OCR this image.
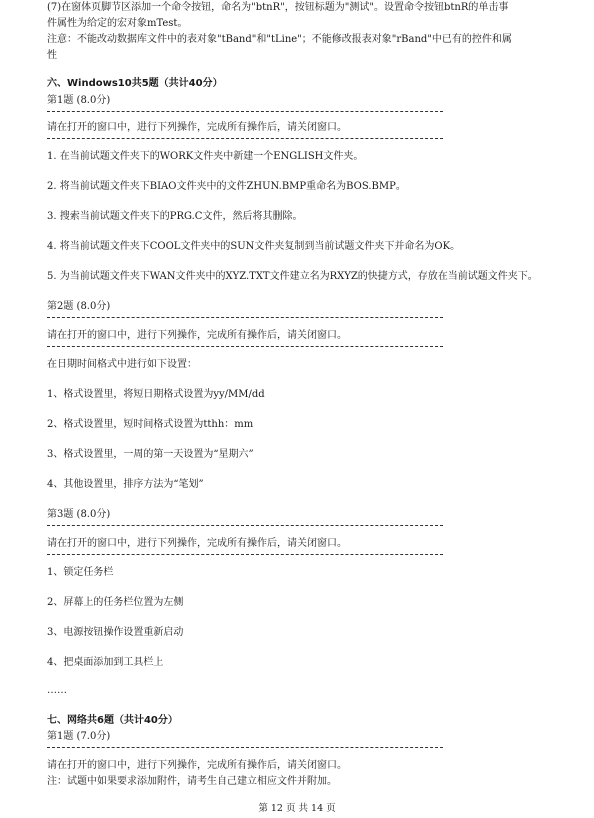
(7)在窗体页脚节区添加一个命令按钮，命名为"btnR"，按钮标题为"测试"。设置命令按钮btnR的单击事
件属性为给定的宏对象mTest。
注意：不能改动数据库文件中的表对象"tBand"和"tLine"；不能修改报表对象"rBand"中已有的控件和属
性
六、Windows10共5题（共计40分）
第1题 (8.0分)
请在打开的窗口中，进行下列操作，完成所有操作后，请关闭窗口。
1. 在当前试题文件夹下的WORK文件夹中新建一个ENGLISH文件夹。
2. 将当前试题文件夹下BIAO文件夹中的文件ZHUN.BMP重命名为BOS.BMP。
3. 搜索当前试题文件夹下的PRG.C文件，然后将其删除。
4. 将当前试题文件夹下COOL文件夹中的SUN文件夹复制到当前试题文件夹下并命名为OK。
5. 为当前试题文件夹下WAN文件夹中的XYZ.TXT文件建立名为RXYZ的快捷方式，存放在当前试题文件夹下。
第2题 (8.0分)
请在打开的窗口中，进行下列操作，完成所有操作后，请关闭窗口。
在日期时间格式中进行如下设置：
1、格式设置里，将短日期格式设置为yy/MM/dd
2、格式设置里，短时间格式设置为tthh：mm
3、格式设置里，一周的第一天设置为“星期六”
4、其他设置里，排序方法为“笔划”
第3题 (8.0分)
请在打开的窗口中，进行下列操作，完成所有操作后，请关闭窗口。
1、锁定任务栏
2、屏幕上的任务栏位置为左侧
3、电源按钮操作设置重新启动
4、把桌面添加到工具栏上
……
七、网络共6题（共计40分）
第1题 (7.0分)
请在打开的窗口中，进行下列操作，完成所有操作后，请关闭窗口。
注：试题中如果要求添加附件，请考生自己建立相应文件并附加。
第 12 页 共 14 页
